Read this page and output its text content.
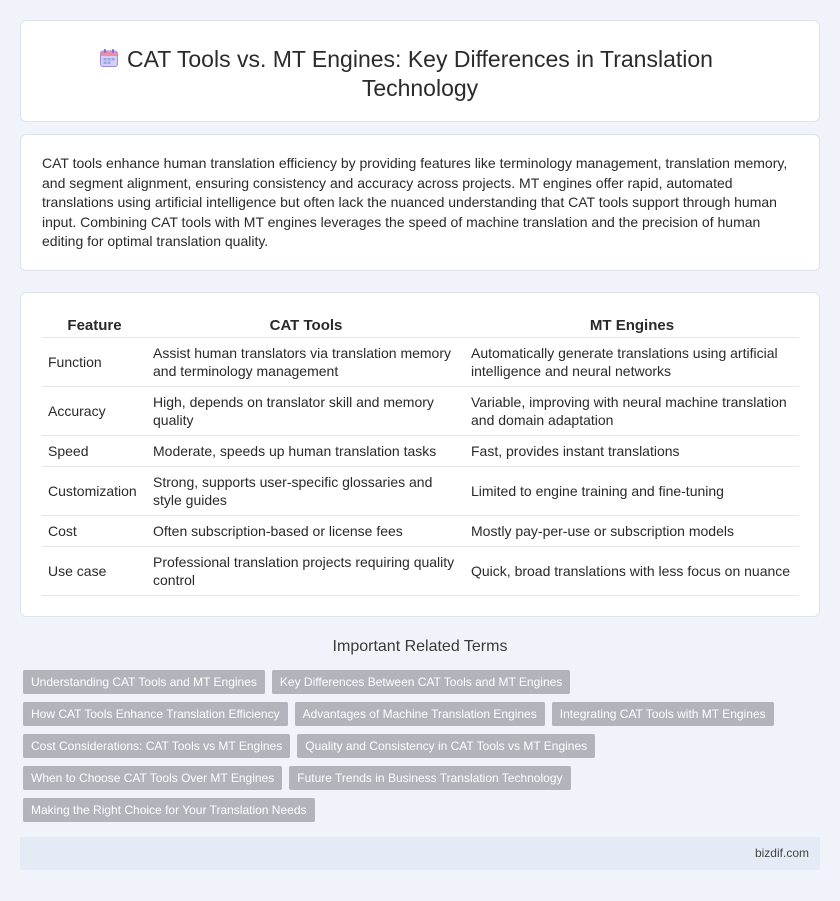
CAT Tools vs. MT Engines: Key Differences in Translation Technology

CAT tools enhance human translation efficiency by providing features like terminology management, translation memory, and segment alignment, ensuring consistency and accuracy across projects. MT engines offer rapid, automated translations using artificial intelligence but often lack the nuanced understanding that CAT tools support through human input. Combining CAT tools with MT engines leverages the speed of machine translation and the precision of human editing for optimal translation quality.

Feature	CAT Tools	MT Engines
Function	Assist human translators via translation memory and terminology management	Automatically generate translations using artificial intelligence and neural networks
Accuracy	High, depends on translator skill and memory quality	Variable, improving with neural machine translation and domain adaptation
Speed	Moderate, speeds up human translation tasks	Fast, provides instant translations
Customization	Strong, supports user-specific glossaries and style guides	Limited to engine training and fine-tuning
Cost	Often subscription-based or license fees	Mostly pay-per-use or subscription models
Use case	Professional translation projects requiring quality control	Quick, broad translations with less focus on nuance
Important Related Terms
Understanding CAT Tools and MT Engines	Key Differences Between CAT Tools and MT Engines
How CAT Tools Enhance Translation Efficiency	Advantages of Machine Translation Engines	Integrating CAT Tools with MT Engines
Cost Considerations: CAT Tools vs MT Engines	Quality and Consistency in CAT Tools vs MT Engines
When to Choose CAT Tools Over MT Engines	Future Trends in Business Translation Technology
Making the Right Choice for Your Translation Needs
bizdif.com
